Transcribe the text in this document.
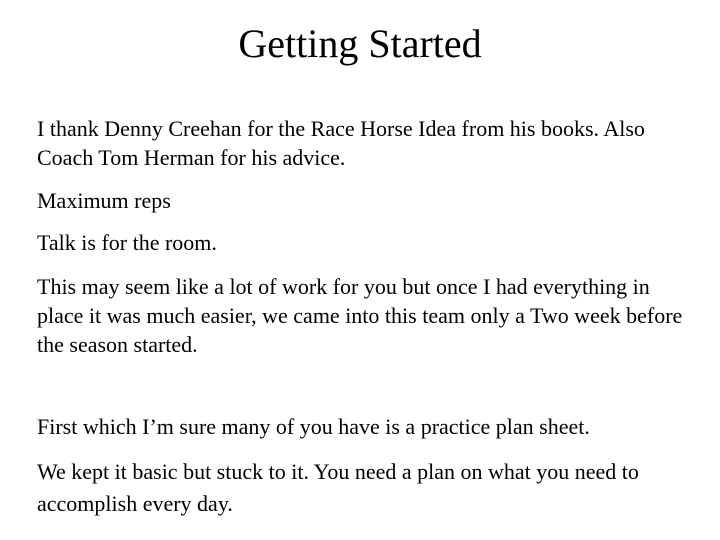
Getting Started

I thank Denny Creehan for the Race Horse Idea from his books. Also Coach Tom Herman for his advice.

Maximum reps

Talk is for the room.

This may seem like a lot of work for you but once I had everything in place it was much easier, we came into this team only a Two week before the season started.

First which I’m sure many of you have is a practice plan sheet.

We kept it basic but stuck to it. You need a plan on what you need to accomplish every day.
